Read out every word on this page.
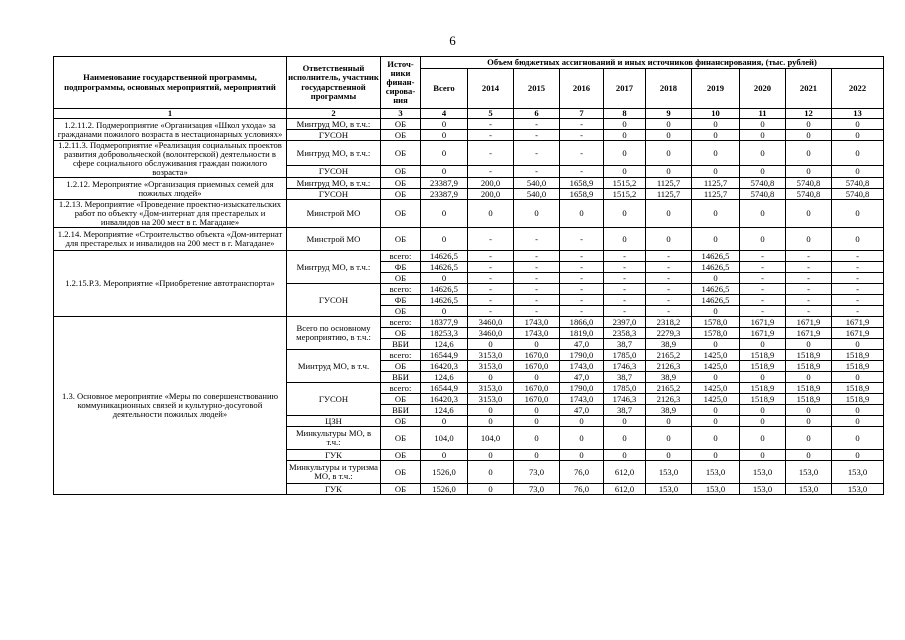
6
Наименование государственной программы, подпрограммы, основных мероприятий, мероприятий	Ответственный исполнитель, участник государственной программы	Источ-ники финан-сирова-ния	Объем бюджетных ассигнований и иных источников финансирования, (тыс. рублей)									
			Всего	2014	2015	2016	2017	2018	2019	2020	2021	2022
1	2	3	4	5	6	7	8	9	10	11	12	13
1.2.11.2. Подмероприятие «Организация «Школ ухода» за гражданами пожилого возраста в нестационарных условиях»	Минтруд МО, в т.ч.:	ОБ	0	-	-	-	0	0	0	0	0	0
	ГУСОН	ОБ	0	-	-	-	0	0	0	0	0	0
1.2.11.3. Подмероприятие «Реализация социальных проектов развития добровольческой (волонтерской) деятельности в сфере социального обслуживания граждан пожилого возраста»	Минтруд МО, в т.ч.:	ОБ	0	-	-	-	0	0	0	0	0	0
	ГУСОН	ОБ	0	-	-	-	0	0	0	0	0	0
1.2.12. Мероприятие «Организация приемных семей для пожилых людей»	Минтруд МО, в т.ч.:	ОБ	23387,9	200,0	540,0	1658,9	1515,2	1125,7	1125,7	5740,8	5740,8	5740,8
	ГУСОН	ОБ	23387,9	200,0	540,0	1658,9	1515,2	1125,7	1125,7	5740,8	5740,8	5740,8
1.2.13. Мероприятие «Проведение проектно-изыскательских работ по объекту «Дом-интернат для престарелых и инвалидов на 200 мест в г. Магадане»	Минстрой МО	ОБ	0	0	0	0	0	0	0	0	0	0
1.2.14. Мероприятие «Строительство объекта «Дом-интернат для престарелых и инвалидов на 200 мест в г. Магадане»	Минстрой МО	ОБ	0	-	-	-	0	0	0	0	0	0
1.2.15.Р.3. Мероприятие «Приобретение автотранспорта»	Минтруд МО, в т.ч.:	всего:	14626,5	-	-	-	-	-	14626,5	-	-	-
		ФБ	14626,5	-	-	-	-	-	14626,5	-	-	-
		ОБ	0	-	-	-	-	-	0	-	-	-
	ГУСОН	всего:	14626,5	-	-	-	-	-	14626,5	-	-	-
		ФБ	14626,5	-	-	-	-	-	14626,5	-	-	-
		ОБ	0	-	-	-	-	-	0	-	-	-
1.3. Основное мероприятие «Меры по совершенствованию коммуникационных связей и культурно-досуговой деятельности пожилых людей»	Всего по основному мероприятию, в т.ч.:	всего:	18377,9	3460,0	1743,0	1866,0	2397,0	2318,2	1578,0	1671,9	1671,9	1671,9
		ОБ	18253,3	3460,0	1743,0	1819,0	2358,3	2279,3	1578,0	1671,9	1671,9	1671,9
		ВБИ	124,6	0	0	47,0	38,7	38,9	0	0	0	0
	Минтруд МО, в т.ч.	всего:	16544,9	3153,0	1670,0	1790,0	1785,0	2165,2	1425,0	1518,9	1518,9	1518,9
		ОБ	16420,3	3153,0	1670,0	1743,0	1746,3	2126,3	1425,0	1518,9	1518,9	1518,9
		ВБИ	124,6	0	0	47,0	38,7	38,9	0	0	0	0
	ГУСОН	всего:	16544,9	3153,0	1670,0	1790,0	1785,0	2165,2	1425,0	1518,9	1518,9	1518,9
		ОБ	16420,3	3153,0	1670,0	1743,0	1746,3	2126,3	1425,0	1518,9	1518,9	1518,9
		ВБИ	124,6	0	0	47,0	38,7	38,9	0	0	0	0
	ЦЗН	ОБ	0	0	0	0	0	0	0	0	0	0
	Минкультуры МО, в т.ч.:	ОБ	104,0	104,0	0	0	0	0	0	0	0	0
	ГУК	ОБ	0	0	0	0	0	0	0	0	0	0
	Минкультуры и туризма МО, в т.ч.:	ОБ	1526,0	0	73,0	76,0	612,0	153,0	153,0	153,0	153,0	153,0
	ГУК	ОБ	1526,0	0	73,0	76,0	612,0	153,0	153,0	153,0	153,0	153,0
